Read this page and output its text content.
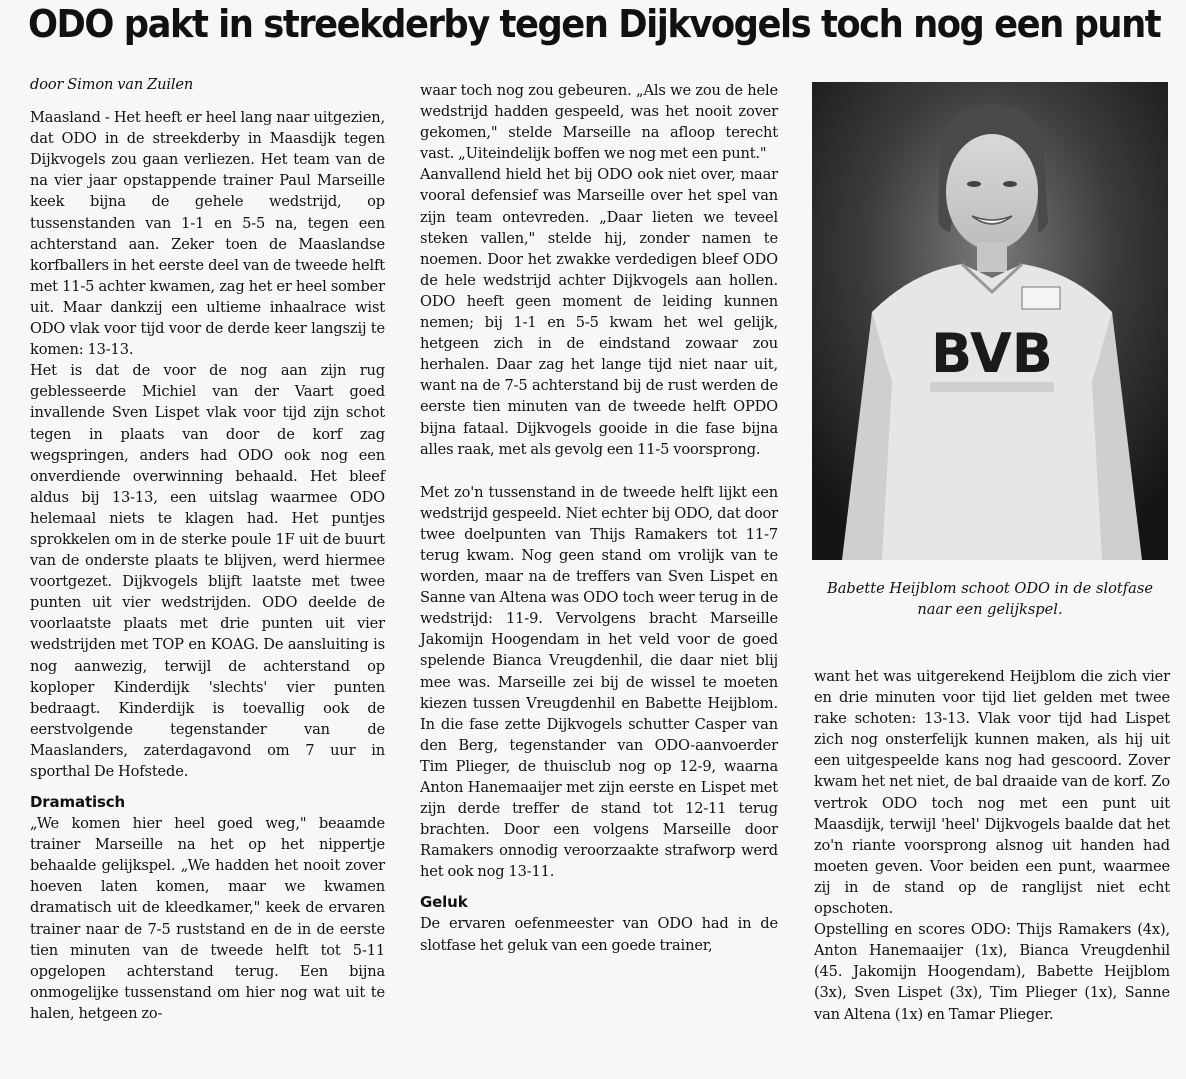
ODO pakt in streekderby tegen Dijkvogels toch nog een punt

door Simon van Zuilen

Maasland - Het heeft er heel lang naar uitgezien, dat ODO in de streekderby in Maasdijk tegen Dijkvogels zou gaan verliezen. Het team van de na vier jaar opstappende trainer Paul Marseille keek bijna de gehele wedstrijd, op tussenstanden van 1-1 en 5-5 na, tegen een achterstand aan. Zeker toen de Maaslandse korfballers in het eerste deel van de tweede helft met 11-5 achter kwamen, zag het er heel somber uit. Maar dankzij een ultieme inhaalrace wist ODO vlak voor tijd voor de derde keer langszij te komen: 13-13.

Het is dat de voor de nog aan zijn rug geblesseerde Michiel van der Vaart goed invallende Sven Lispet vlak voor tijd zijn schot tegen in plaats van door de korf zag wegspringen, anders had ODO ook nog een onverdiende overwinning behaald. Het bleef aldus bij 13-13, een uitslag waarmee ODO helemaal niets te klagen had. Het puntjes sprokkelen om in de sterke poule 1F uit de buurt van de onderste plaats te blijven, werd hiermee voortgezet. Dijkvogels blijft laatste met twee punten uit vier wedstrijden. ODO deelde de voorlaatste plaats met drie punten uit vier wedstrijden met TOP en KOAG. De aansluiting is nog aanwezig, terwijl de achterstand op koploper Kinderdijk 'slechts' vier punten bedraagt. Kinderdijk is toevallig ook de eerstvolgende tegenstander van de Maaslanders, zaterdagavond om 7 uur in sporthal De Hofstede.

Dramatisch

„We komen hier heel goed weg," beaamde trainer Marseille na het op het nippertje behaalde gelijkspel. „We hadden het nooit zover hoeven laten komen, maar we kwamen dramatisch uit de kleedkamer," keek de ervaren trainer naar de 7-5 ruststand en de in de eerste tien minuten van de tweede helft tot 5-11 opgelopen achterstand terug. Een bijna onmogelijke tussenstand om hier nog wat uit te halen, hetgeen zo-

waar toch nog zou gebeuren. „Als we zou de hele wedstrijd hadden gespeeld, was het nooit zover gekomen," stelde Marseille na afloop terecht vast. „Uiteindelijk boffen we nog met een punt."

Aanvallend hield het bij ODO ook niet over, maar vooral defensief was Marseille over het spel van zijn team ontevreden. „Daar lieten we teveel steken vallen," stelde hij, zonder namen te noemen. Door het zwakke verdedigen bleef ODO de hele wedstrijd achter Dijkvogels aan hollen. ODO heeft geen moment de leiding kunnen nemen; bij 1-1 en 5-5 kwam het wel gelijk, hetgeen zich in de eindstand zowaar zou herhalen. Daar zag het lange tijd niet naar uit, want na de 7-5 achterstand bij de rust werden de eerste tien minuten van de tweede helft OPDO bijna fataal. Dijkvogels gooide in die fase bijna alles raak, met als gevolg een 11-5 voorsprong.

Met zo'n tussenstand in de tweede helft lijkt een wedstrijd gespeeld. Niet echter bij ODO, dat door twee doelpunten van Thijs Ramakers tot 11-7 terug kwam. Nog geen stand om vrolijk van te worden, maar na de treffers van Sven Lispet en Sanne van Altena was ODO toch weer terug in de wedstrijd: 11-9. Vervolgens bracht Marseille Jakomijn Hoogendam in het veld voor de goed spelende Bianca Vreugdenhil, die daar niet blij mee was. Marseille zei bij de wissel te moeten kiezen tussen Vreugdenhil en Babette Heijblom. In die fase zette Dijkvogels schutter Casper van den Berg, tegenstander van ODO-aanvoerder Tim Plieger, de thuisclub nog op 12-9, waarna Anton Hanemaaijer met zijn eerste en Lispet met zijn derde treffer de stand tot 12-11 terug brachten. Door een volgens Marseille door Ramakers onnodig veroorzaakte strafworp werd het ook nog 13-11.

Geluk

De ervaren oefenmeester van ODO had in de slotfase het geluk van een goede trainer,

BVB
Babette Heijblom schoot ODO in de slotfase naar een gelijkspel.

want het was uitgerekend Heijblom die zich vier en drie minuten voor tijd liet gelden met twee rake schoten: 13-13. Vlak voor tijd had Lispet zich nog onsterfelijk kunnen maken, als hij uit een uitgespeelde kans nog had gescoord. Zover kwam het net niet, de bal draaide van de korf. Zo vertrok ODO toch nog met een punt uit Maasdijk, terwijl 'heel' Dijkvogels baalde dat het zo'n riante voorsprong alsnog uit handen had moeten geven. Voor beiden een punt, waarmee zij in de stand op de ranglijst niet echt opschoten.

Opstelling en scores ODO: Thijs Ramakers (4x), Anton Hanemaaijer (1x), Bianca Vreugdenhil (45. Jakomijn Hoogendam), Babette Heijblom (3x), Sven Lispet (3x), Tim Plieger (1x), Sanne van Altena (1x) en Tamar Plieger.
